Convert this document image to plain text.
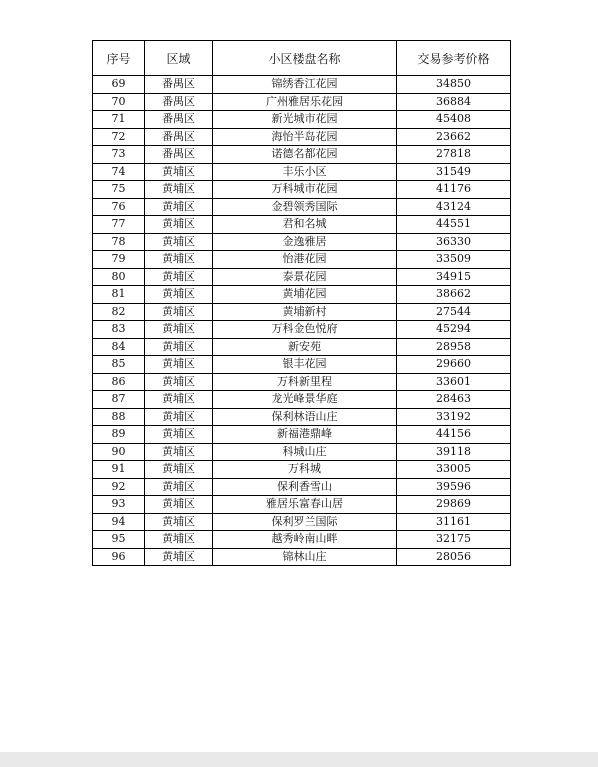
序号	区域	小区楼盘名称	交易参考价格
69	番禺区	锦绣香江花园	34850
70	番禺区	广州雅居乐花园	36884
71	番禺区	新光城市花园	45408
72	番禺区	海怡半岛花园	23662
73	番禺区	诺德名都花园	27818
74	黄埔区	丰乐小区	31549
75	黄埔区	万科城市花园	41176
76	黄埔区	金碧领秀国际	43124
77	黄埔区	君和名城	44551
78	黄埔区	金逸雅居	36330
79	黄埔区	怡港花园	33509
80	黄埔区	泰景花园	34915
81	黄埔区	黄埔花园	38662
82	黄埔区	黄埔新村	27544
83	黄埔区	万科金色悦府	45294
84	黄埔区	新安苑	28958
85	黄埔区	银丰花园	29660
86	黄埔区	万科新里程	33601
87	黄埔区	龙光峰景华庭	28463
88	黄埔区	保利林语山庄	33192
89	黄埔区	新福港鼎峰	44156
90	黄埔区	科城山庄	39118
91	黄埔区	万科城	33005
92	黄埔区	保利香雪山	39596
93	黄埔区	雅居乐富春山居	29869
94	黄埔区	保利罗兰国际	31161
95	黄埔区	越秀岭南山畔	32175
96	黄埔区	锦林山庄	28056
